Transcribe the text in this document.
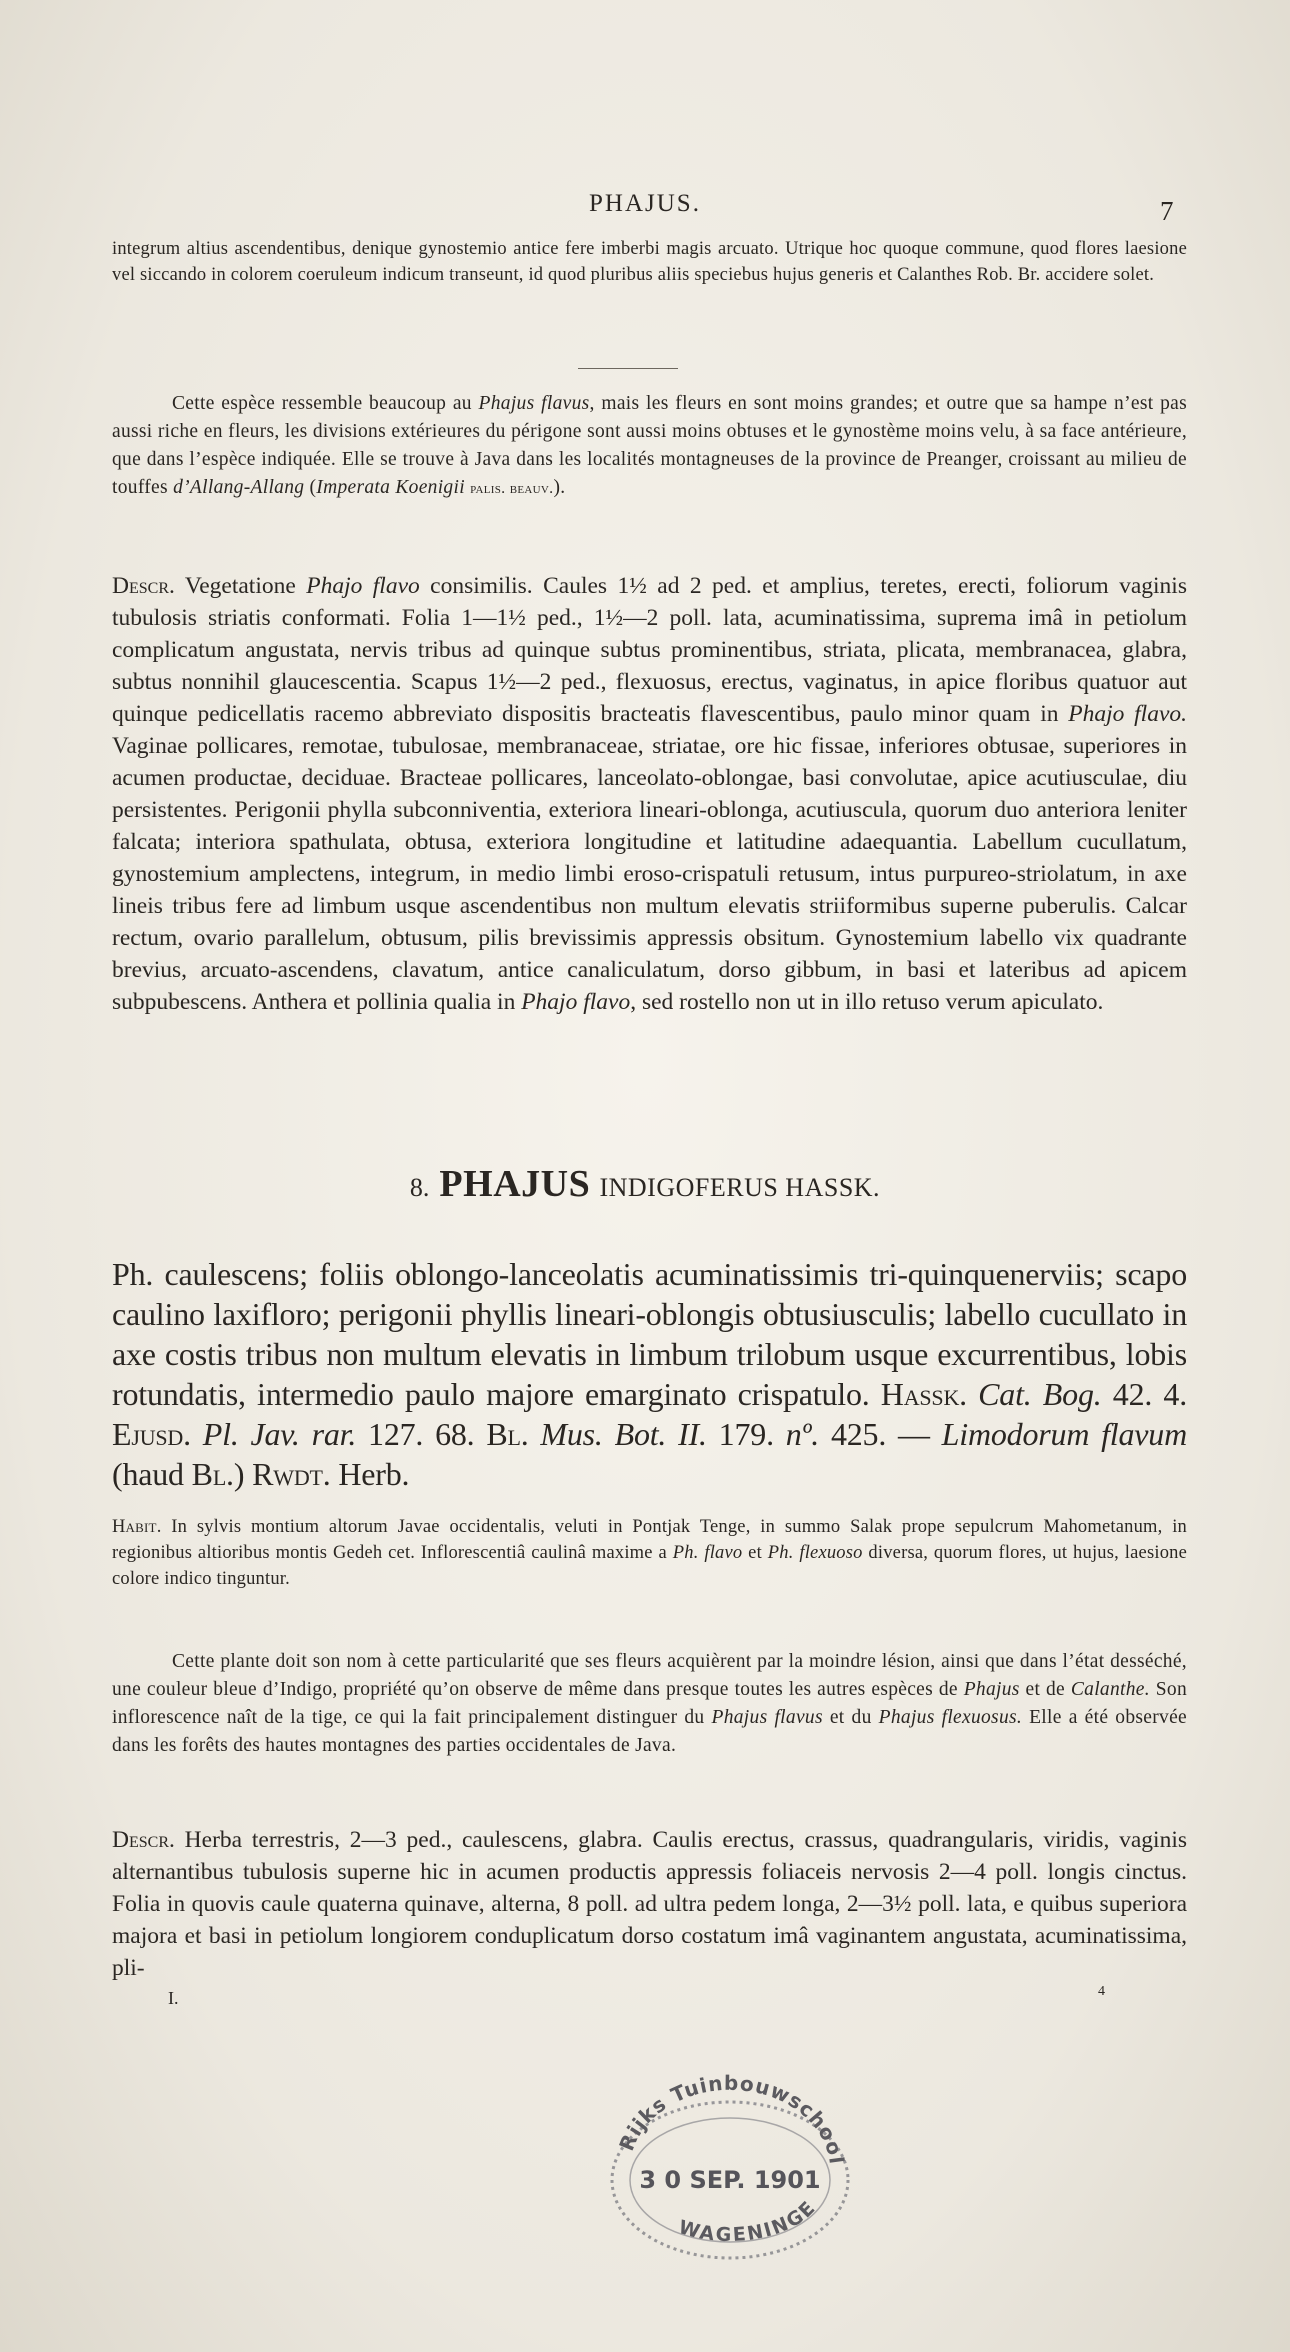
PHAJUS.	7

integrum altius ascendentibus, denique gynostemio antice fere imberbi magis arcuato. Utrique hoc quoque commune, quod flores laesione vel siccando in colorem coeruleum indicum transeunt, id quod pluribus aliis speciebus hujus generis et Calanthes Rob. Br. accidere solet.

Cette espèce ressemble beaucoup au Phajus flavus, mais les fleurs en sont moins grandes; et outre que sa hampe n’est pas aussi riche en fleurs, les divisions extérieures du périgone sont aussi moins obtuses et le gynostème moins velu, à sa face antérieure, que dans l’espèce indiquée. Elle se trouve à Java dans les localités montagneuses de la province de Preanger, croissant au milieu de touffes d’Allang-Allang (Imperata Koenigii palis. beauv.).

Descr. Vegetatione Phajo flavo consimilis. Caules 1½ ad 2 ped. et amplius, teretes, erecti, foliorum vaginis tubulosis striatis conformati. Folia 1—1½ ped., 1½—2 poll. lata, acuminatissima, suprema imâ in petiolum complicatum angustata, nervis tribus ad quinque subtus prominentibus, striata, plicata, membranacea, glabra, subtus nonnihil glaucescentia. Scapus 1½—2 ped., flexuosus, erectus, vaginatus, in apice floribus quatuor aut quinque pedicellatis racemo abbreviato dispositis bracteatis flavescentibus, paulo minor quam in Phajo flavo. Vaginae pollicares, remotae, tubulosae, membranaceae, striatae, ore hic fissae, inferiores obtusae, superiores in acumen productae, deciduae. Bracteae pollicares, lanceolato-oblongae, basi convolutae, apice acutiusculae, diu persistentes. Perigonii phylla subconniventia, exteriora lineari-oblonga, acutiuscula, quorum duo anteriora leniter falcata; interiora spathulata, obtusa, exteriora longitudine et latitudine adaequantia. Labellum cucullatum, gynostemium amplectens, integrum, in medio limbi eroso-crispatuli retusum, intus purpureo-striolatum, in axe lineis tribus fere ad limbum usque ascendentibus non multum elevatis striiformibus superne puberulis. Calcar rectum, ovario parallelum, obtusum, pilis brevissimis appressis obsitum. Gynostemium labello vix quadrante brevius, arcuato-ascendens, clavatum, antice canaliculatum, dorso gibbum, in basi et lateribus ad apicem subpubescens. Anthera et pollinia qualia in Phajo flavo, sed rostello non ut in illo retuso verum apiculato.

8. PHAJUS INDIGOFERUS HASSK.

Ph. caulescens; foliis oblongo-lanceolatis acuminatissimis tri-quinquenerviis; scapo caulino laxifloro; perigonii phyllis lineari-oblongis obtusiusculis; labello cucullato in axe costis tribus non multum elevatis in limbum trilobum usque excurrentibus, lobis rotundatis, intermedio paulo majore emarginato crispatulo. Hassk. Cat. Bog. 42. 4. Ejusd. Pl. Jav. rar. 127. 68. Bl. Mus. Bot. II. 179. nº. 425. — Limodorum flavum (haud Bl.) Rwdt. Herb.

Habit. In sylvis montium altorum Javae occidentalis, veluti in Pontjak Tenge, in summo Salak prope sepulcrum Mahometanum, in regionibus altioribus montis Gedeh cet. Inflorescentiâ caulinâ maxime a Ph. flavo et Ph. flexuoso diversa, quorum flores, ut hujus, laesione colore indico tinguntur.

Cette plante doit son nom à cette particularité que ses fleurs acquièrent par la moindre lésion, ainsi que dans l’état desséché, une couleur bleue d’Indigo, propriété qu’on observe de même dans presque toutes les autres espèces de Phajus et de Calanthe. Son inflorescence naît de la tige, ce qui la fait principalement distinguer du Phajus flavus et du Phajus flexuosus. Elle a été observée dans les forêts des hautes montagnes des parties occidentales de Java.

Descr. Herba terrestris, 2—3 ped., caulescens, glabra. Caulis erectus, crassus, quadrangularis, viridis, vaginis alternantibus tubulosis superne hic in acumen productis appressis foliaceis nervosis 2—4 poll. longis cinctus. Folia in quovis caule quaterna quinave, alterna, 8 poll. ad ultra pedem longa, 2—3½ poll. lata, e quibus superiora majora et basi in petiolum longiorem conduplicatum dorso costatum imâ vaginantem angustata, acuminatissima, pli-

I.	4
Rijks Tuinbouwschool
3 0 SEP. 1901
WAGENINGE
